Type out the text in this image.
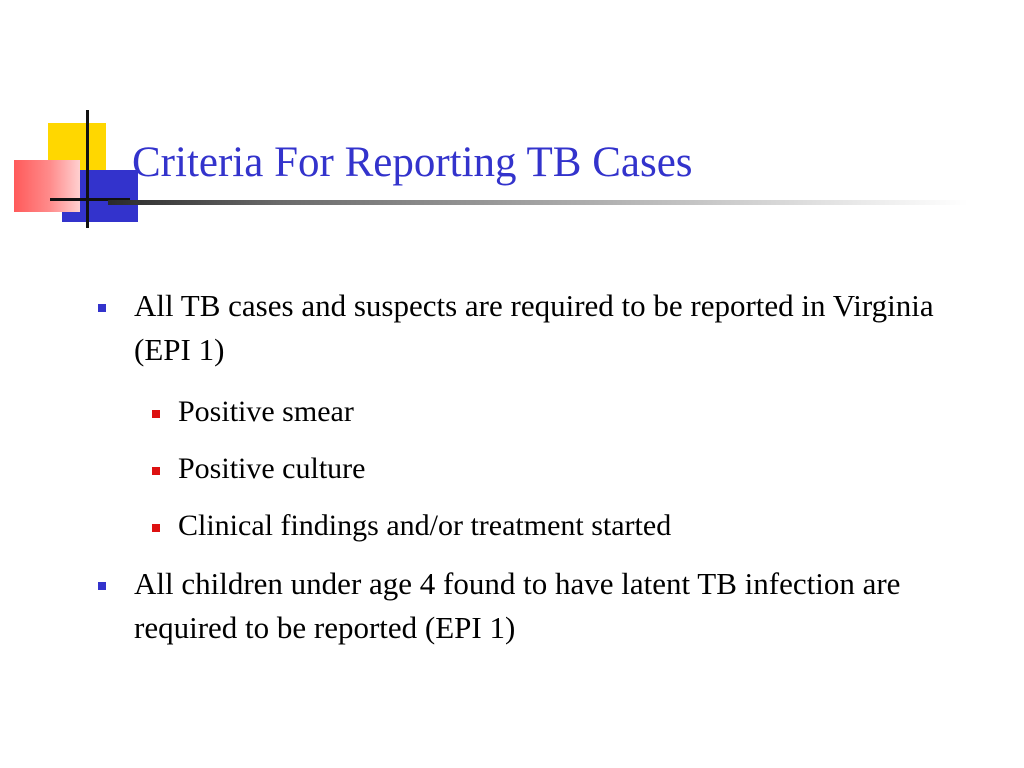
Criteria For Reporting TB Cases
All TB cases and suspects are required to be reported in Virginia (EPI 1)
Positive smear
Positive culture
Clinical findings and/or treatment started
All children under age 4 found to have latent TB infection are required to be reported (EPI 1)
